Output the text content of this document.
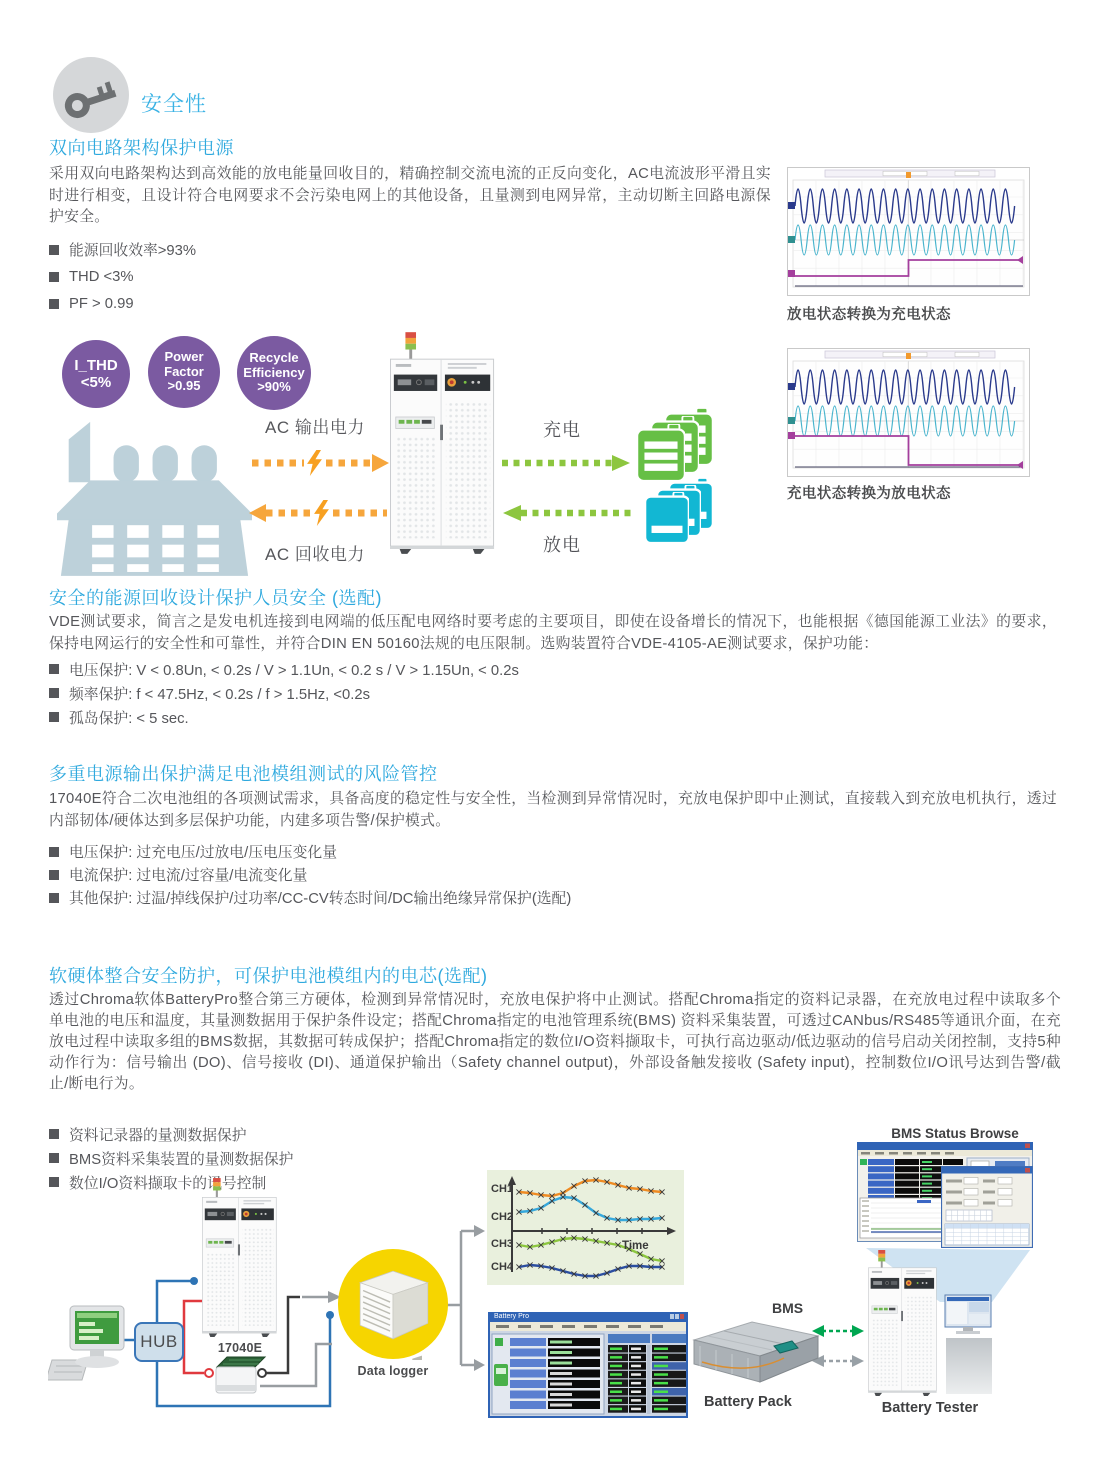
安全性
双向电路架构保护电源
采用双向电路架构达到高效能的放电能量回收目的，精确控制交流电流的正反向变化，AC电流波形平滑且实时进行相变，且设计符合电网要求不会污染电网上的其他设备，且量测到电网异常，主动切断主回路电源保护安全。
能源回收效率>93%
THD <3%
PF > 0.99
放电状态转换为充电状态
充电状态转换为放电状态
I_THD
<5%
Power
Factor
>0.95
Recycle
Efficiency
>90%
AC 输出电力
AC 回收电力
充电
放电
安全的能源回收设计保护人员安全 (选配)
VDE测试要求，简言之是发电机连接到电网端的低压配电网络时要考虑的主要项目，即使在设备增长的情况下，也能根据《德国能源工业法》的要求，保持电网运行的安全性和可靠性，并符合DIN EN 50160法规的电压限制。选购装置符合VDE-4105-AE测试要求，保护功能：
电压保护: V < 0.8Un, < 0.2s / V > 1.1Un, < 0.2 s / V > 1.15Un, < 0.2s
频率保护: f < 47.5Hz, < 0.2s / f > 1.5Hz, <0.2s
孤岛保护: < 5 sec.
多重电源输出保护满足电池模组测试的风险管控
17040E符合二次电池组的各项测试需求，具备高度的稳定性与安全性，当检测到异常情况时，充放电保护即中止测试，直接载入到充放电机执行，透过内部韧体/硬体达到多层保护功能，内建多项告警/保护模式。
电压保护: 过充电压/过放电/压电压变化量
电流保护: 过电流/过容量/电流变化量
其他保护: 过温/掉线保护/过功率/CC-CV转态时间/DC输出绝缘异常保护(选配)
软硬体整合安全防护，可保护电池模组内的电芯(选配)
透过Chroma软体BatteryPro整合第三方硬体，检测到异常情况时，充放电保护将中止测试。搭配Chroma指定的资料记录器，在充放电过程中读取多个单电池的电压和温度，其量测数据用于保护条件设定；搭配Chroma指定的电池管理系统(BMS) 资料采集装置，可透过CANbus/RS485等通讯介面，在充放电过程中读取多组的BMS数据，其数据可转成保护；搭配Chroma指定的数位I/O资料撷取卡，可执行高边驱动/低边驱动的信号启动关闭控制，支持5种动作行为：信号输出 (DO)、信号接收 (DI)、通道保护输出（Safety channel output)，外部设备触发接收 (Safety input)，控制数位I/O讯号达到告警/截止/断电行为。
资料记录器的量测数据保护
BMS资料采集装置的量测数据保护
数位I/O资料撷取卡的讯号控制
HUB	17040E
Data logger
CH1
CH2
CH3
CH4
Time
Battery Pro
BMS Status Browse
Battery Pack
BMS
Battery Tester
